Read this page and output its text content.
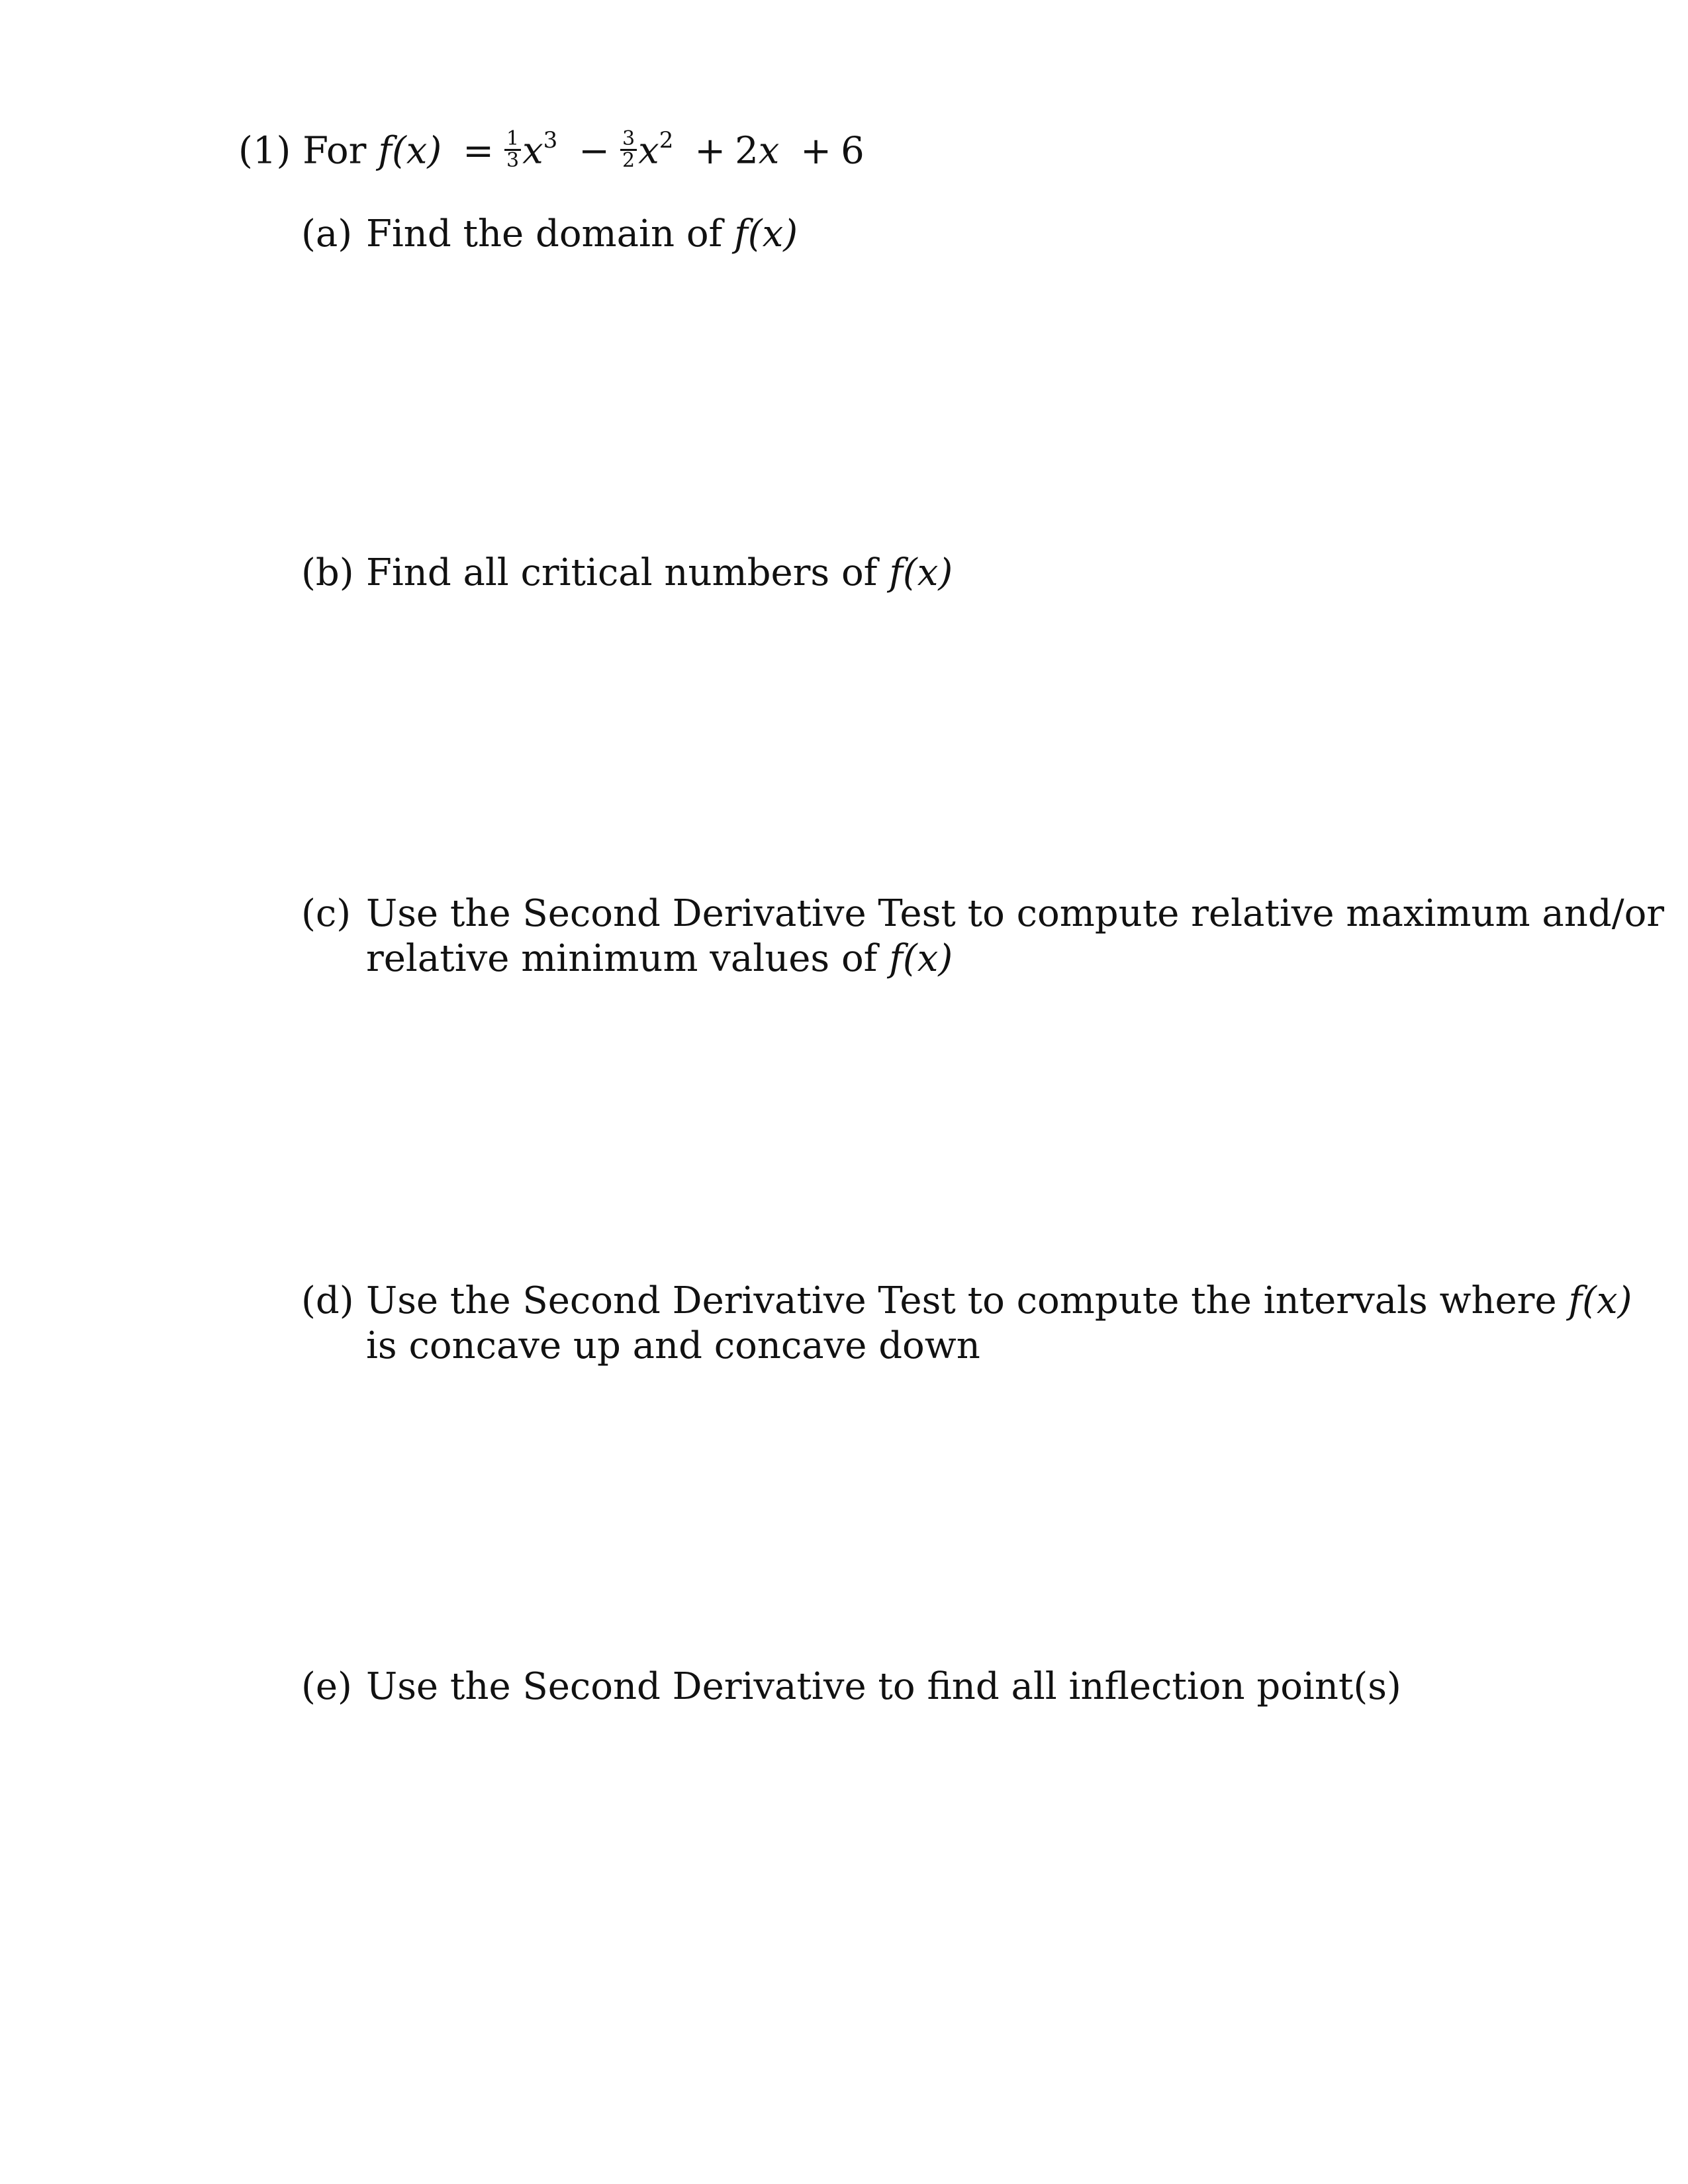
(1) For $f(x) = \frac{1}{3} x^3 - \frac{3}{2} x^2 + 2x + 6$
(a) Find the domain of f(x)
(b) Find all critical numbers of f(x)
(c) Use the Second Derivative Test to compute relative maximum and/or
relative minimum values of f(x)
(d) Use the Second Derivative Test to compute the intervals where f(x)
is concave up and concave down
(e) Use the Second Derivative to find all inflection point(s)
